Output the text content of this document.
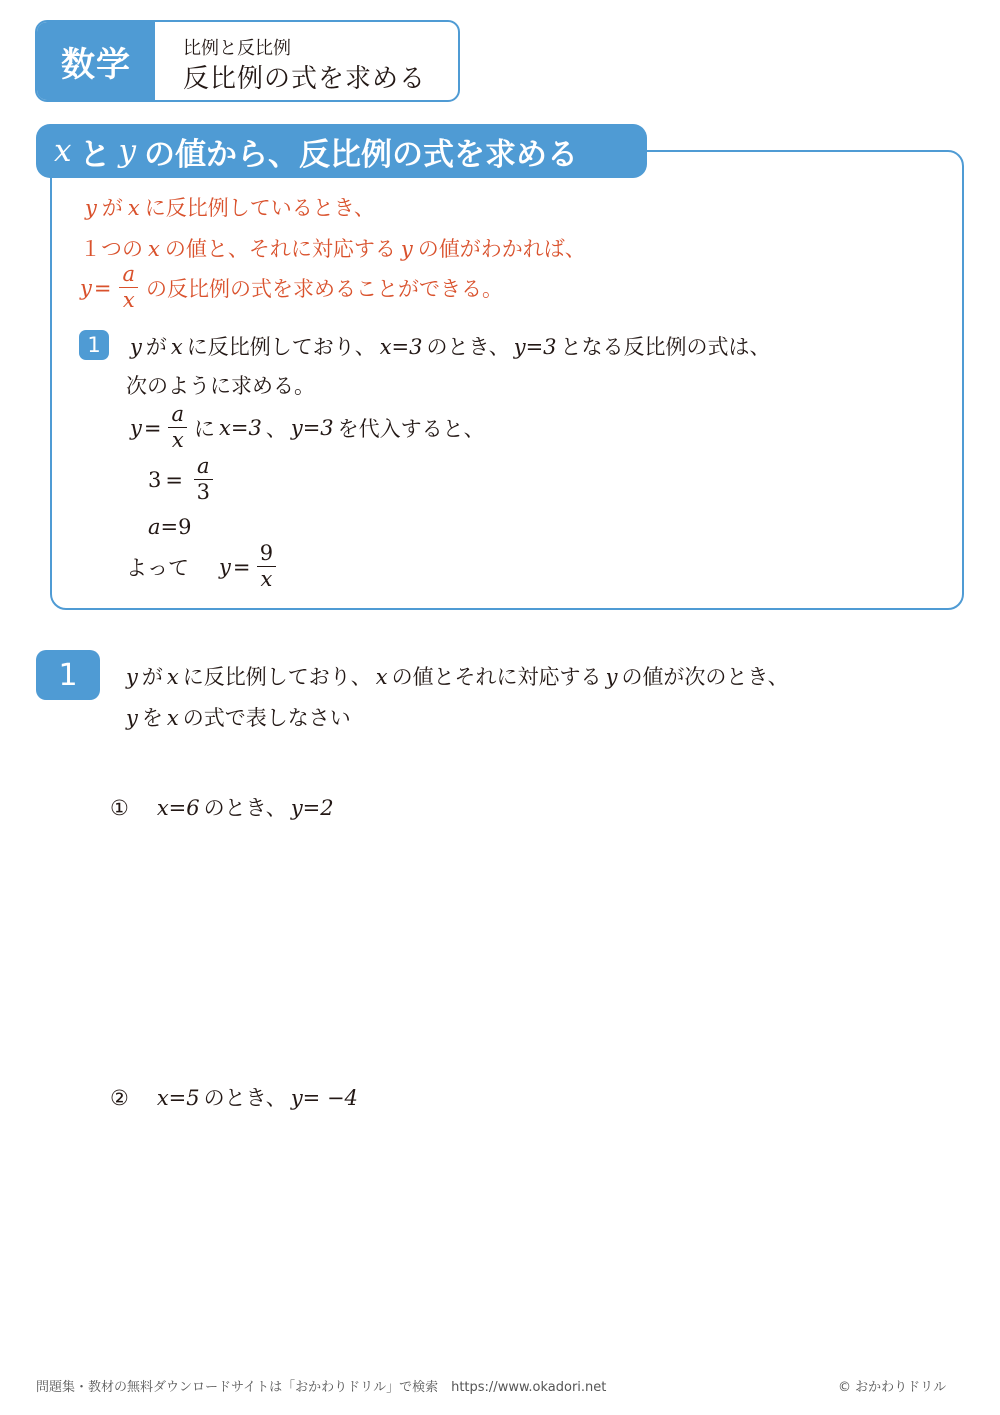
数学	比例と反比例
反比例の式を求める
x と y の値から、反比例の式を求める
y が x に反比例しているとき、
１つの x の値と、それに対応する y の値がわかれば、
$y = \frac{a}{x}$ の反比例の式を求めることができる。
1	y が x に反比例しており、 x=3 のとき、 y=3 となる反比例の式は、
次のように求める。
$y = \frac{a}{x}$ に x=3 、 y=3 を代入すると、
$3 = \frac{a}{3}$
a=9
よって $y = \frac{9}{x}$
1	y が x に反比例しており、 x の値とそれに対応する y の値が次のとき、
y を x の式で表しなさい
① x=6 のとき、 y=2
② x=5 のとき、 y= −4
問題集・教材の無料ダウンロードサイトは「おかわりドリル」で検索　https://www.okadori.net	© おかわりドリル
